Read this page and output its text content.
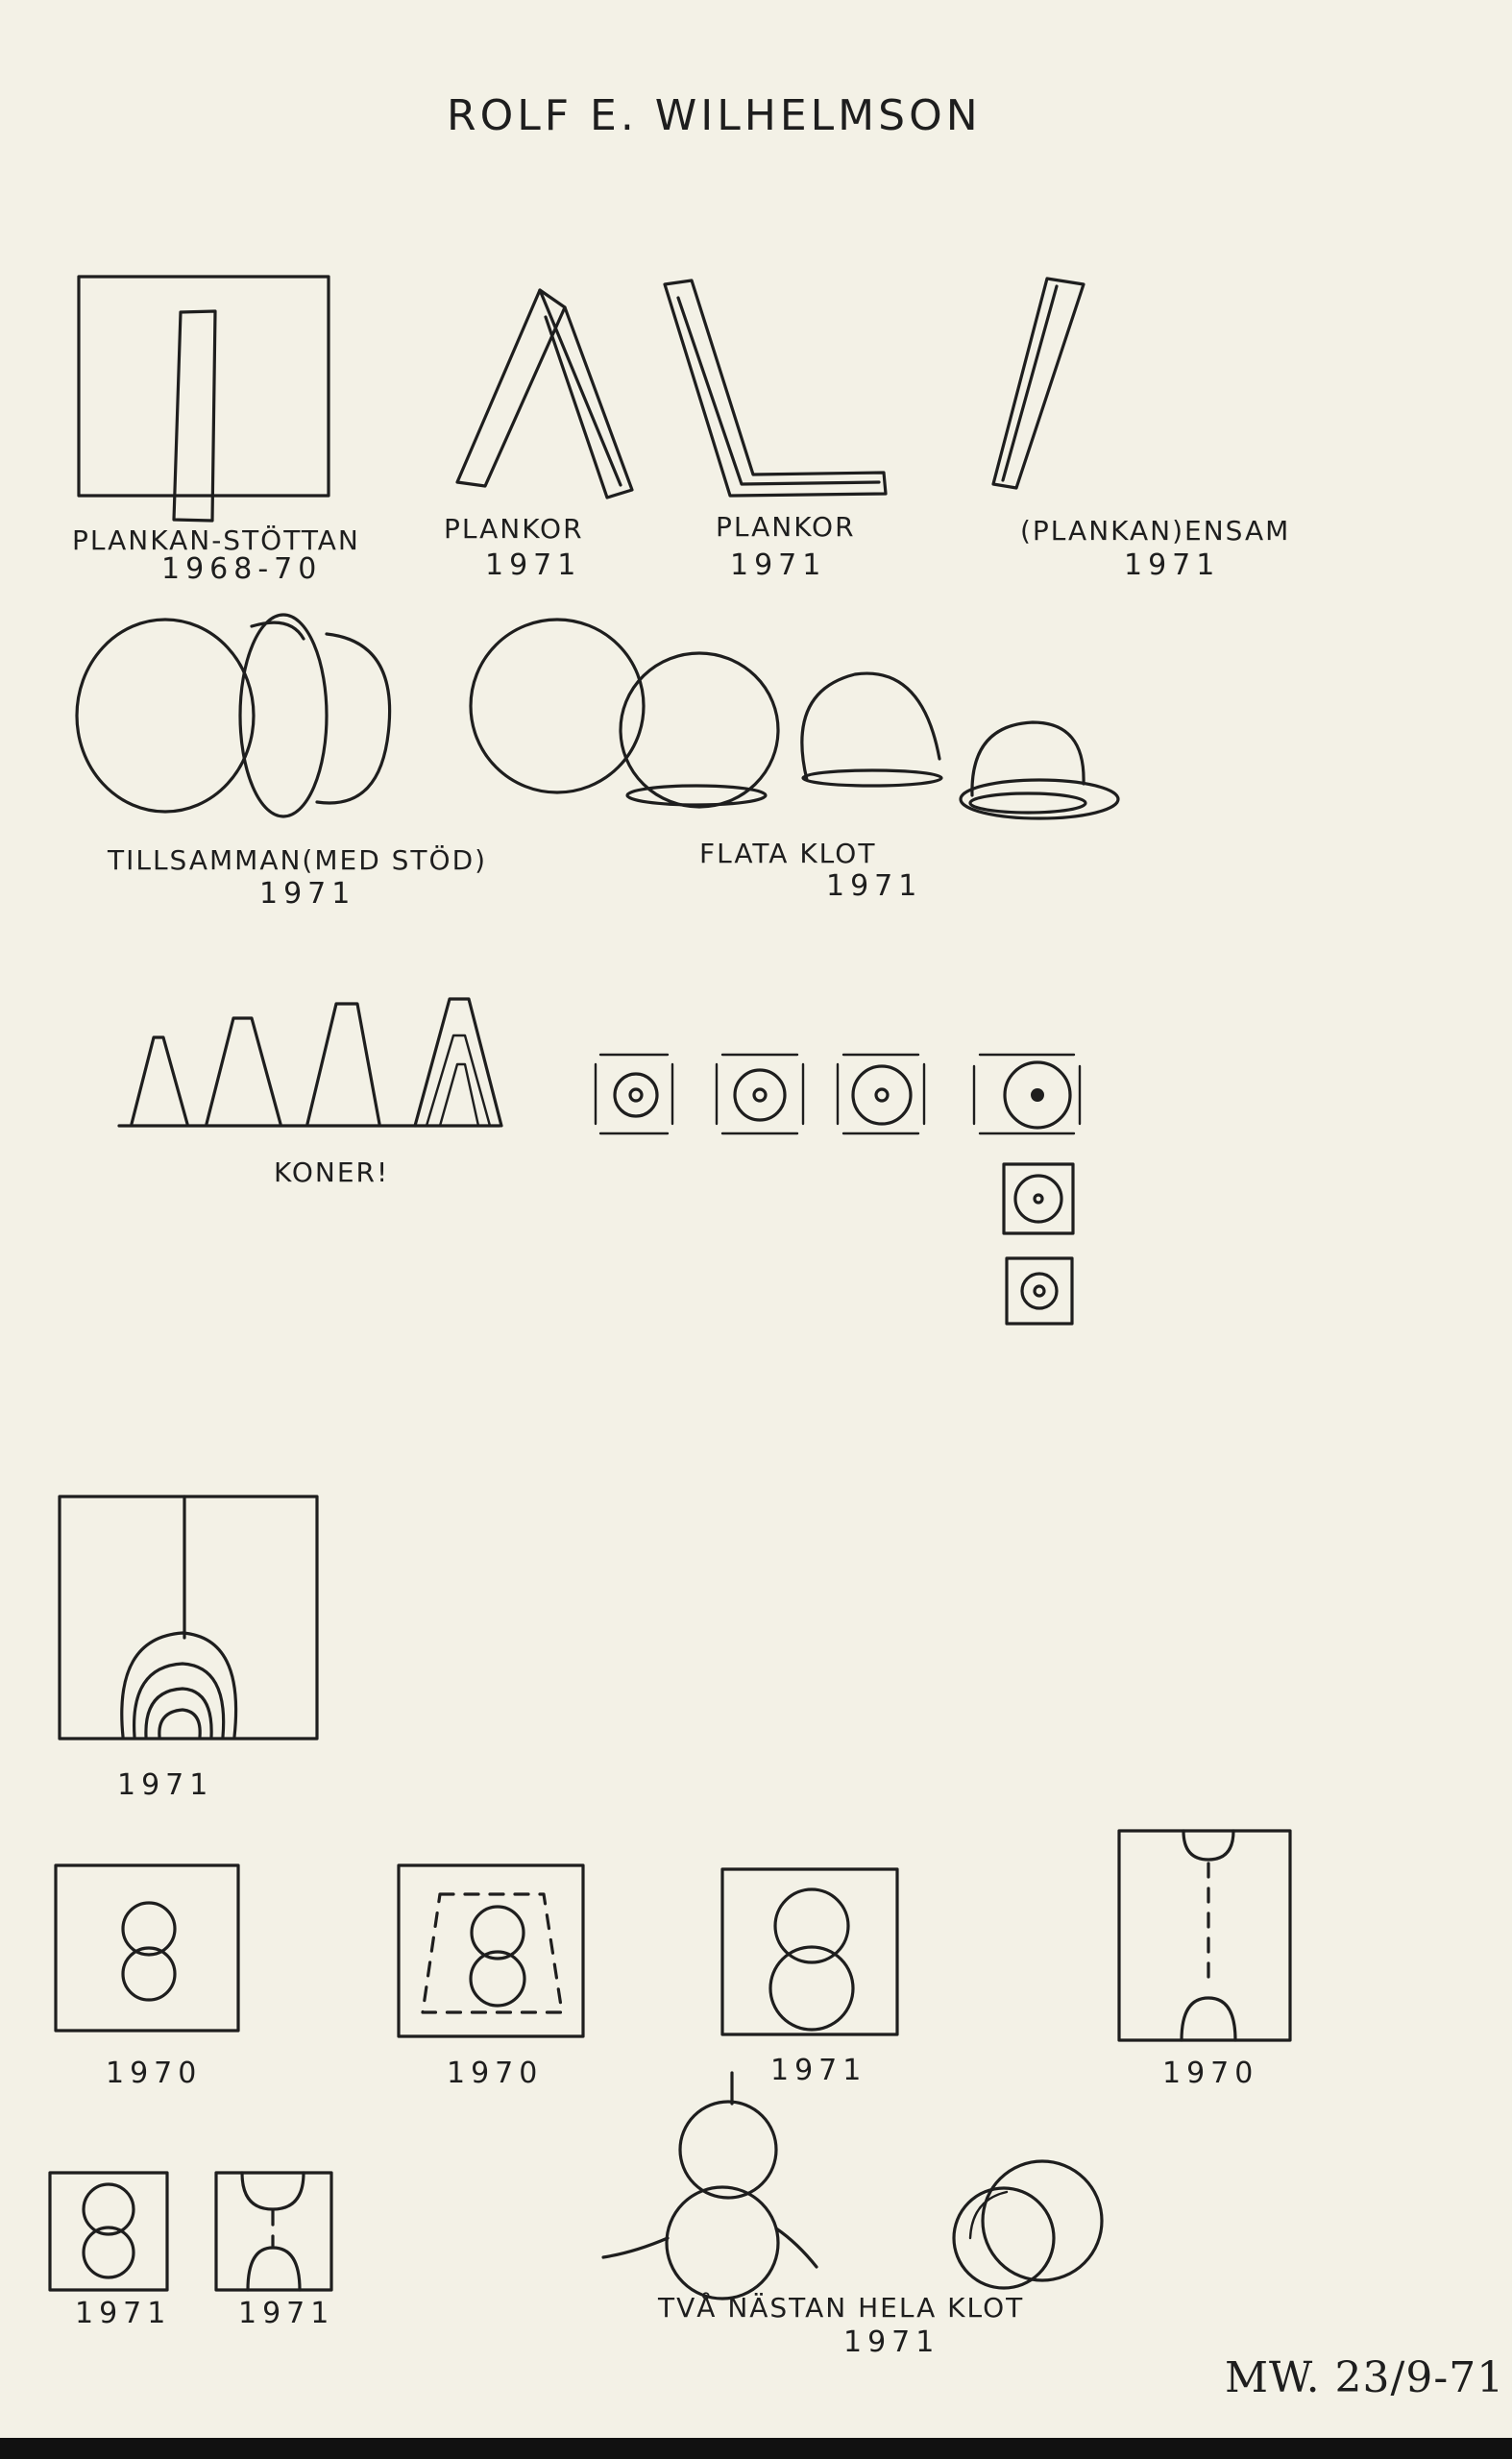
ROLF E. WILHELMSON
PLANKAN-STÖTTAN
1968-70
PLANKOR
1971
PLANKOR
1971
(PLANKAN)ENSAM
1971
TILLSAMMAN(MED STÖD)
1971
FLATA KLOT
1971
KONER!
1971
1970	1970	1971	1970
1971 1971	TVÅ NÄSTAN HELA KLOT
1971
MW. 23/9-71
